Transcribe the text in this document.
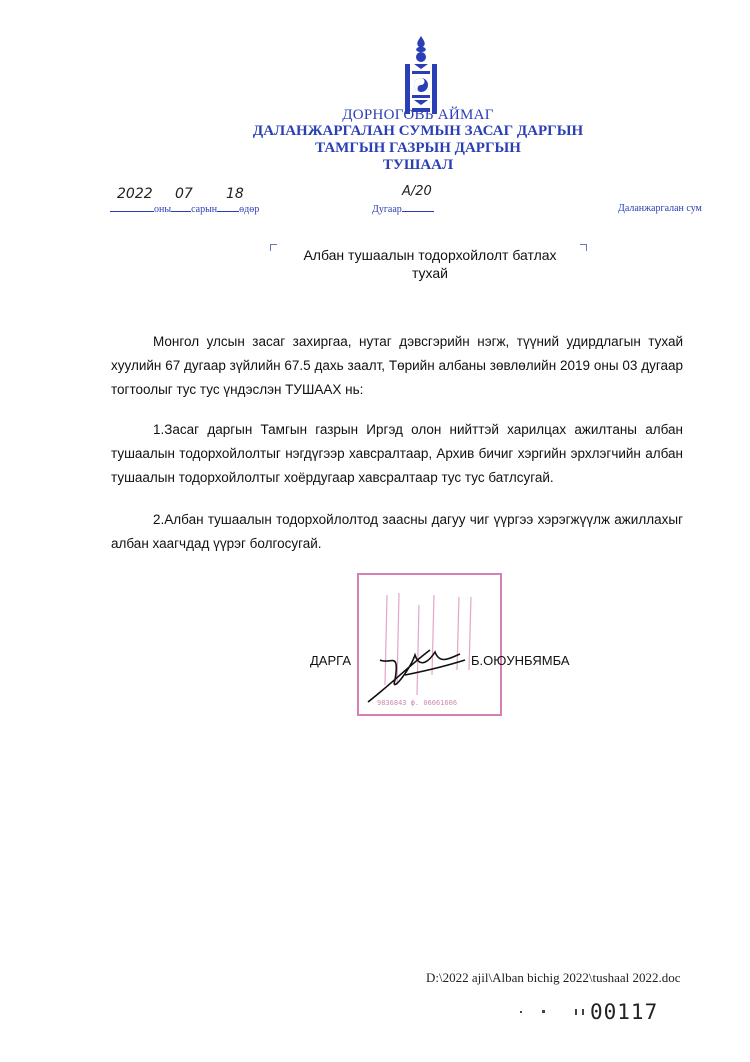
ДОРНОГОВЬ АЙМАГ
ДАЛАНЖАРГАЛАН СУМЫН ЗАСАГ ДАРГЫН
ТАМГЫН ГАЗРЫН ДАРГЫН
ТУШААЛ
оны сарын өдөр
2022 07 18
Дугаар
А/20
Даланжаргалан сум
Албан тушаалын тодорхойлолт батлах
тухай

Монгол улсын засаг захиргаа, нутаг дэвсгэрийн нэгж, түүний удирдлагын тухай хуулийн 67 дугаар зүйлийн 67.5 дахь заалт, Төрийн албаны зөвлөлийн 2019 оны 03 дугаар тогтоолыг тус тус үндэслэн ТУШААХ нь:

1.Засаг даргын Тамгын газрын Иргэд олон нийттэй харилцах ажилтаны албан тушаалын тодорхойлолтыг нэгдүгээр хавсралтаар, Архив бичиг хэргийн эрхлэгчийн албан тушаалын тодорхойлолтыг хоёрдугаар хавсралтаар тус тус батлсугай.

2.Албан тушаалын тодорхойлолтод заасны дагуу чиг үүргээ хэрэгжүүлж ажиллахыг албан хаагчдад үүрэг болгосугай.

9836843 ф. 06061606
ДАРГА	Б.ОЮУНБЯМБА
D:\2022 ajil\Alban bichig 2022\tushaal 2022.doc
00117
